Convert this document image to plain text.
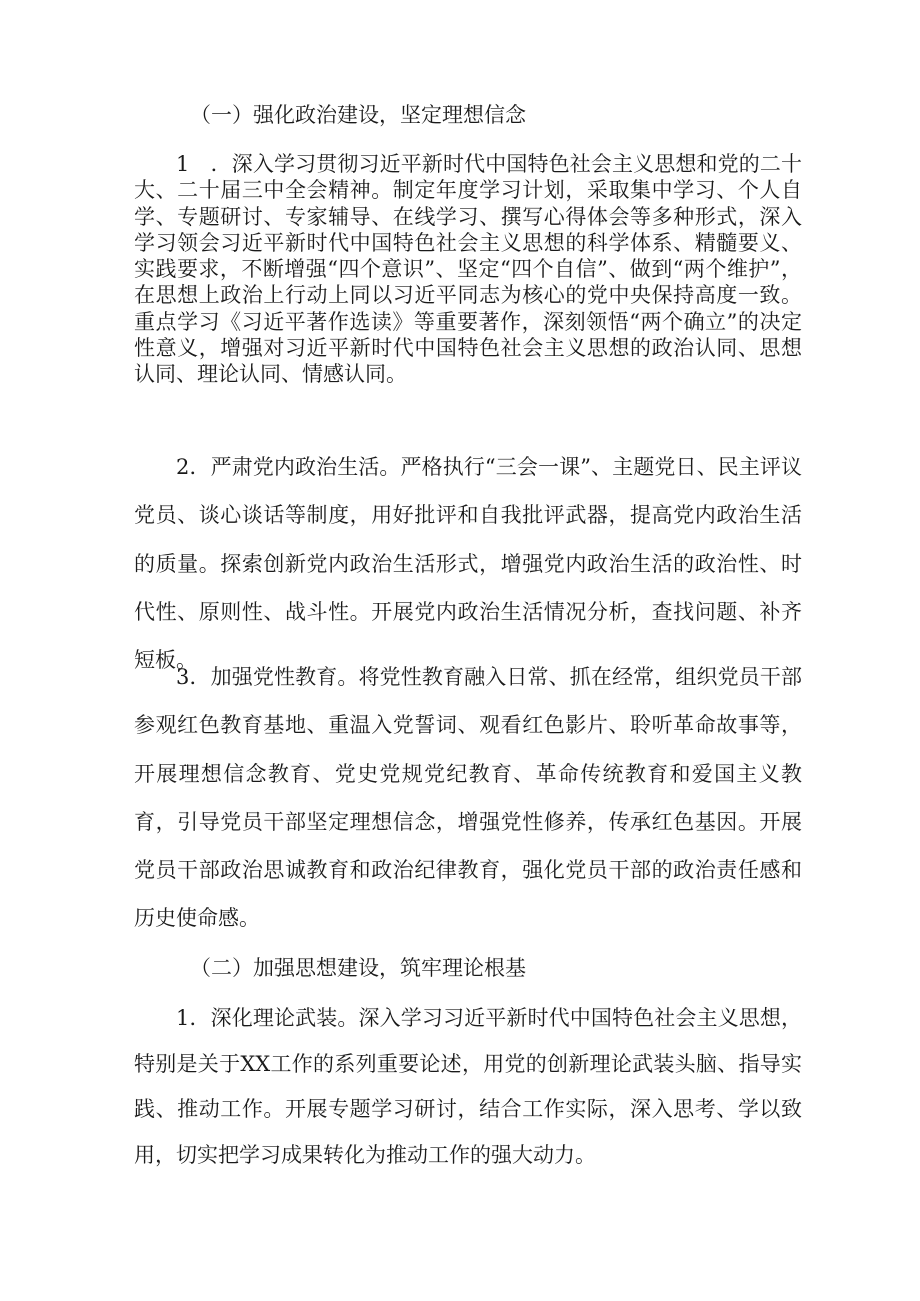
（一）强化政治建设，坚定理想信念

1　．深入学习贯彻习近平新时代中国特色社会主义思想和党的二十大、二十届三中全会精神。制定年度学习计划，采取集中学习、个人自学、专题研讨、专家辅导、在线学习、撰写心得体会等多种形式，深入学习领会习近平新时代中国特色社会主义思想的科学体系、精髓要义、实践要求，不断增强“四个意识”、坚定“四个自信”、做到“两个维护”，在思想上政治上行动上同以习近平同志为核心的党中央保持高度一致。重点学习《习近平著作选读》等重要著作，深刻领悟“两个确立”的决定性意义，增强对习近平新时代中国特色社会主义思想的政治认同、思想认同、理论认同、情感认同。

2．严肃党内政治生活。严格执行“三会一课”、主题党日、民主评议党员、谈心谈话等制度，用好批评和自我批评武器，提高党内政治生活的质量。探索创新党内政治生活形式，增强党内政治生活的政治性、时代性、原则性、战斗性。开展党内政治生活情况分析，查找问题、补齐短板。

3．加强党性教育。将党性教育融入日常、抓在经常，组织党员干部参观红色教育基地、重温入党誓词、观看红色影片、聆听革命故事等，开展理想信念教育、党史党规党纪教育、革命传统教育和爱国主义教育，引导党员干部坚定理想信念，增强党性修养，传承红色基因。开展党员干部政治思诚教育和政治纪律教育，强化党员干部的政治责任感和历史使命感。

（二）加强思想建设，筑牢理论根基

1．深化理论武装。深入学习习近平新时代中国特色社会主义思想，特别是关于XX工作的系列重要论述，用党的创新理论武装头脑、指导实践、推动工作。开展专题学习研讨，结合工作实际，深入思考、学以致用，切实把学习成果转化为推动工作的强大动力。
